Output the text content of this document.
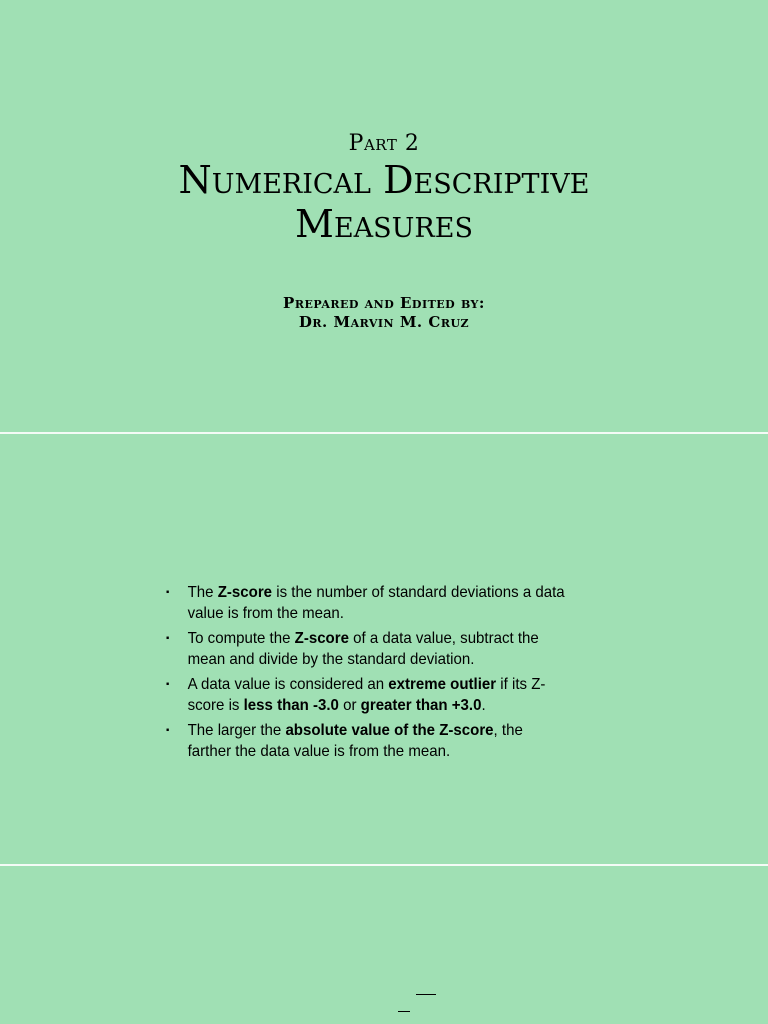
Part 2
Numerical Descriptive
Measures
Prepared and Edited by:
Dr. Marvin M. Cruz
▪ The Z-score is the number of standard deviations a data value is from the mean.
▪ To compute the Z-score of a data value, subtract the mean and divide by the standard deviation.
▪ A data value is considered an extreme outlier if its Z-score is less than -3.0 or greater than +3.0.
▪ The larger the absolute value of the Z-score, the farther the data value is from the mean.
